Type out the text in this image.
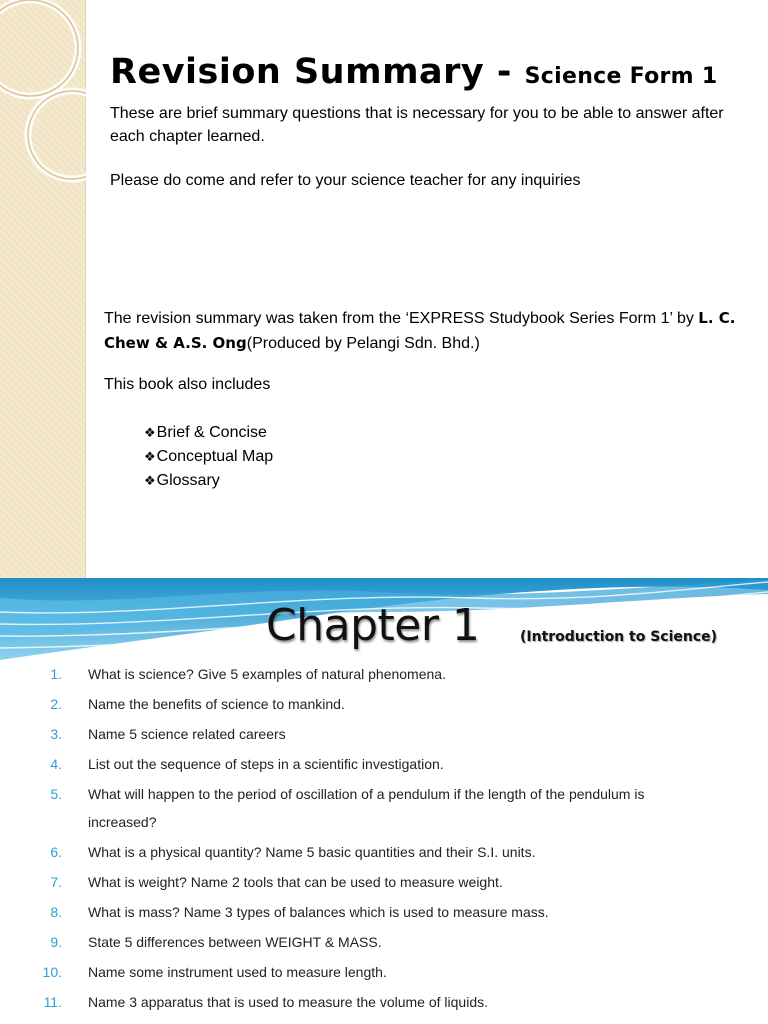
Revision Summary - Science Form 1

These are brief summary questions that is necessary for you to be able to answer after each chapter learned.

Please do come and refer to your science teacher for any inquiries

The revision summary was taken from the ‘EXPRESS Studybook Series Form 1’ by L. C. Chew & A.S. Ong(Produced by Pelangi Sdn. Bhd.)

This book also includes

❖Brief & Concise
❖Conceptual Map
❖Glossary
Chapter 1	(Introduction to Science)
1. What is science? Give 5 examples of natural phenomena.
2. Name the benefits of science to mankind.
3. Name 5 science related careers
4. List out the sequence of steps in a scientific investigation.
5. What will happen to the period of oscillation of a pendulum if the length of the pendulum is increased?
6. What is a physical quantity? Name 5 basic quantities and their S.I. units.
7. What is weight? Name 2 tools that can be used to measure weight.
8. What is mass? Name 3 types of balances which is used to measure mass.
9. State 5 differences between WEIGHT & MASS.
10. Name some instrument used to measure length.
11. Name 3 apparatus that is used to measure the volume of liquids.
